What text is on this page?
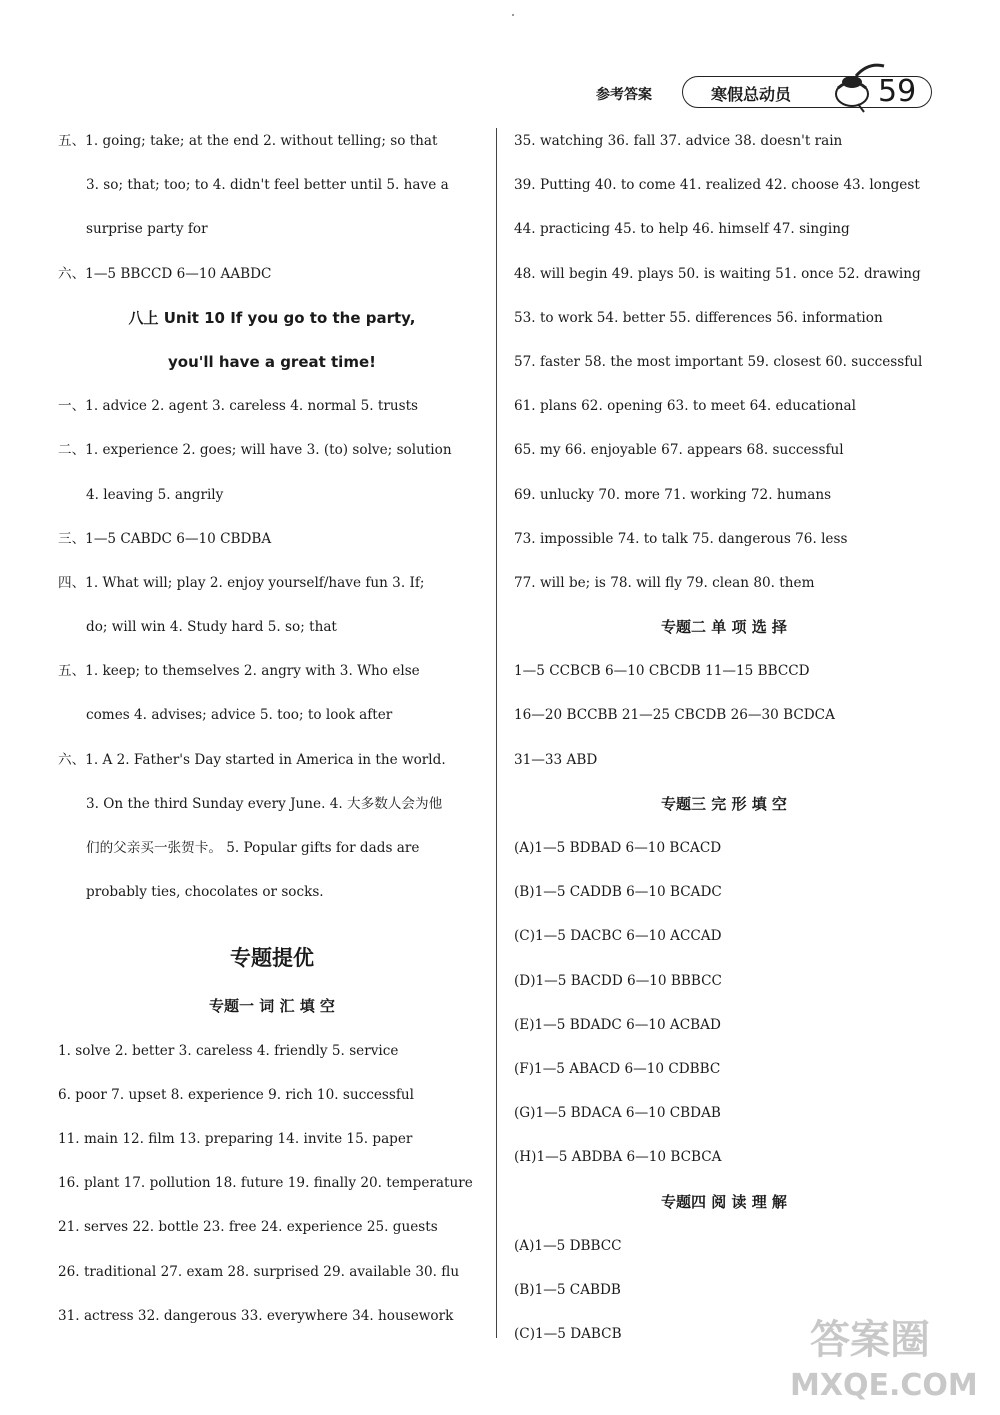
参考答案	寒假总动员	59
五、1. going; take; at the end 2. without telling; so that
3. so; that; too; to 4. didn't feel better until 5. have a
surprise party for
六、1—5 BBCCD 6—10 AABDC
八上 Unit 10 If you go to the party,
you'll have a great time!
一、1. advice 2. agent 3. careless 4. normal 5. trusts
二、1. experience 2. goes; will have 3. (to) solve; solution
4. leaving 5. angrily
三、1—5 CABDC 6—10 CBDBA
四、1. What will; play 2. enjoy yourself/have fun 3. If;
do; will win 4. Study hard 5. so; that
五、1. keep; to themselves 2. angry with 3. Who else
comes 4. advises; advice 5. too; to look after
六、1. A 2. Father's Day started in America in the world.
3. On the third Sunday every June. 4. 大多数人会为他
们的父亲买一张贺卡。 5. Popular gifts for dads are
probably ties, chocolates or socks.
专题提优
专题一 词 汇 填 空
1. solve 2. better 3. careless 4. friendly 5. service
6. poor 7. upset 8. experience 9. rich 10. successful
11. main 12. film 13. preparing 14. invite 15. paper
16. plant 17. pollution 18. future 19. finally 20. temperature
21. serves 22. bottle 23. free 24. experience 25. guests
26. traditional 27. exam 28. surprised 29. available 30. flu
31. actress 32. dangerous 33. everywhere 34. housework
35. watching 36. fall 37. advice 38. doesn't rain
39. Putting 40. to come 41. realized 42. choose 43. longest
44. practicing 45. to help 46. himself 47. singing
48. will begin 49. plays 50. is waiting 51. once 52. drawing
53. to work 54. better 55. differences 56. information
57. faster 58. the most important 59. closest 60. successful
61. plans 62. opening 63. to meet 64. educational
65. my 66. enjoyable 67. appears 68. successful
69. unlucky 70. more 71. working 72. humans
73. impossible 74. to talk 75. dangerous 76. less
77. will be; is 78. will fly 79. clean 80. them
专题二 单 项 选 择
1—5 CCBCB 6—10 CBCDB 11—15 BBCCD
16—20 BCCBB 21—25 CBCDB 26—30 BCDCA
31—33 ABD
专题三 完 形 填 空
(A)1—5 BDBAD 6—10 BCACD
(B)1—5 CADDB 6—10 BCADC
(C)1—5 DACBC 6—10 ACCAD
(D)1—5 BACDD 6—10 BBBCC
(E)1—5 BDADC 6—10 ACBAD
(F)1—5 ABACD 6—10 CDBBC
(G)1—5 BDACA 6—10 CBDAB
(H)1—5 ABDBA 6—10 BCBCA
专题四 阅 读 理 解
(A)1—5 DBBCC
(B)1—5 CABDB
(C)1—5 DABCB	答案圈
MXQE.COM
